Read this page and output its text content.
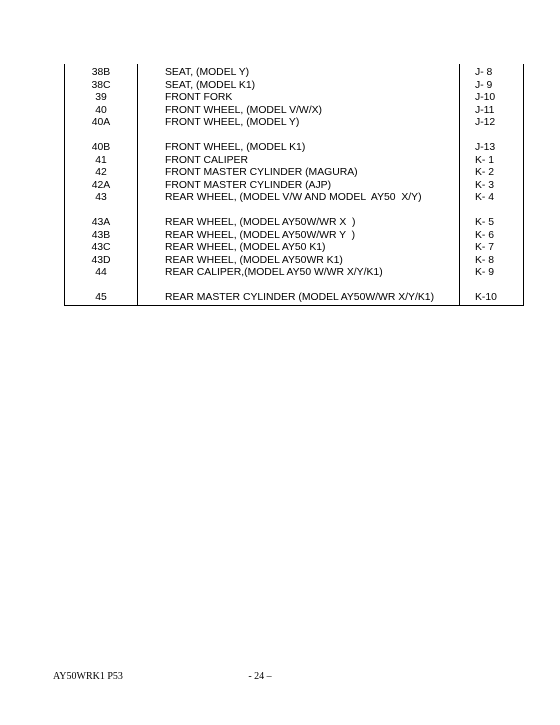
38B	SEAT, (MODEL Y)	J- 8
38C	SEAT, (MODEL K1)	J- 9
39	FRONT FORK	J-10
40	FRONT WHEEL, (MODEL V/W/X)	J-11
40A	FRONT WHEEL, (MODEL Y)	J-12
40B	FRONT WHEEL, (MODEL K1)	J-13
41	FRONT CALIPER	K- 1
42	FRONT MASTER CYLINDER (MAGURA)	K- 2
42A	FRONT MASTER CYLINDER (AJP)	K- 3
43	REAR WHEEL, (MODEL V/W AND MODEL  AY50  X/Y)	K- 4
43A	REAR WHEEL, (MODEL AY50W/WR X  )	K- 5
43B	REAR WHEEL, (MODEL AY50W/WR Y  )	K- 6
43C	REAR WHEEL, (MODEL AY50 K1)	K- 7
43D	REAR WHEEL, (MODEL AY50WR K1)	K- 8
44	REAR CALIPER,(MODEL AY50 W/WR X/Y/K1)	K- 9
45	REAR MASTER CYLINDER (MODEL AY50W/WR X/Y/K1)	K-10
AY50WRK1 P53	- 24 –
